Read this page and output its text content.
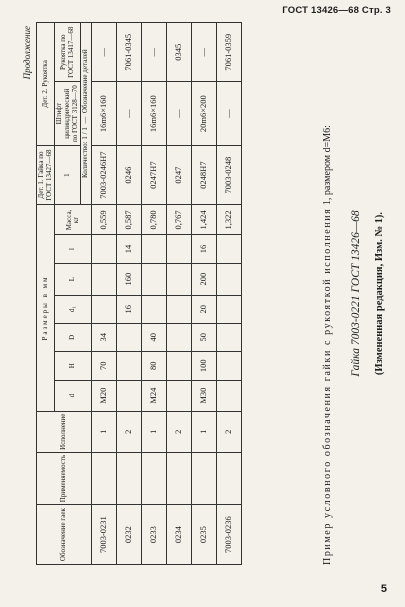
ГОСТ 13426—68 Стр. 3
Продолжение
Обозначение гаек	Применяемость	Исполнение	Размеры в мм							Дет. 1. Гайка по ГОСТ 13427—68	Дет. 2. Рукоятка	
			d	H	D	d₁	L	l	Масса, кг	1	Штифт цилиндрический по ГОСТ 3128—70	Рукоятка по ГОСТ 13417—68
										Количество: 1 / 1  —  Обозначение деталей		
7003-0231		1	M20	70	34				0,559	7003-0246Н7	16m6×160	—
0232		2				16	160	14	0,587	0246	—	7061-0345
0233		1	M24	80	40				0,780	0247Н7	16m6×160	—
0234		2							0,767	0247	—	0345
0235		1	M30	100	50	20	200	16	1,424	0248Н7	20m6×200	—
7003-0236		2							1,322	7003-0248	—	7061-0359
Пример условного обозначения гайки с рукояткой исполнения 1, размером d=M6:
Гайка 7003-0221 ГОСТ 13426—68 (Измененная редакция, Изм. № 1).
5
